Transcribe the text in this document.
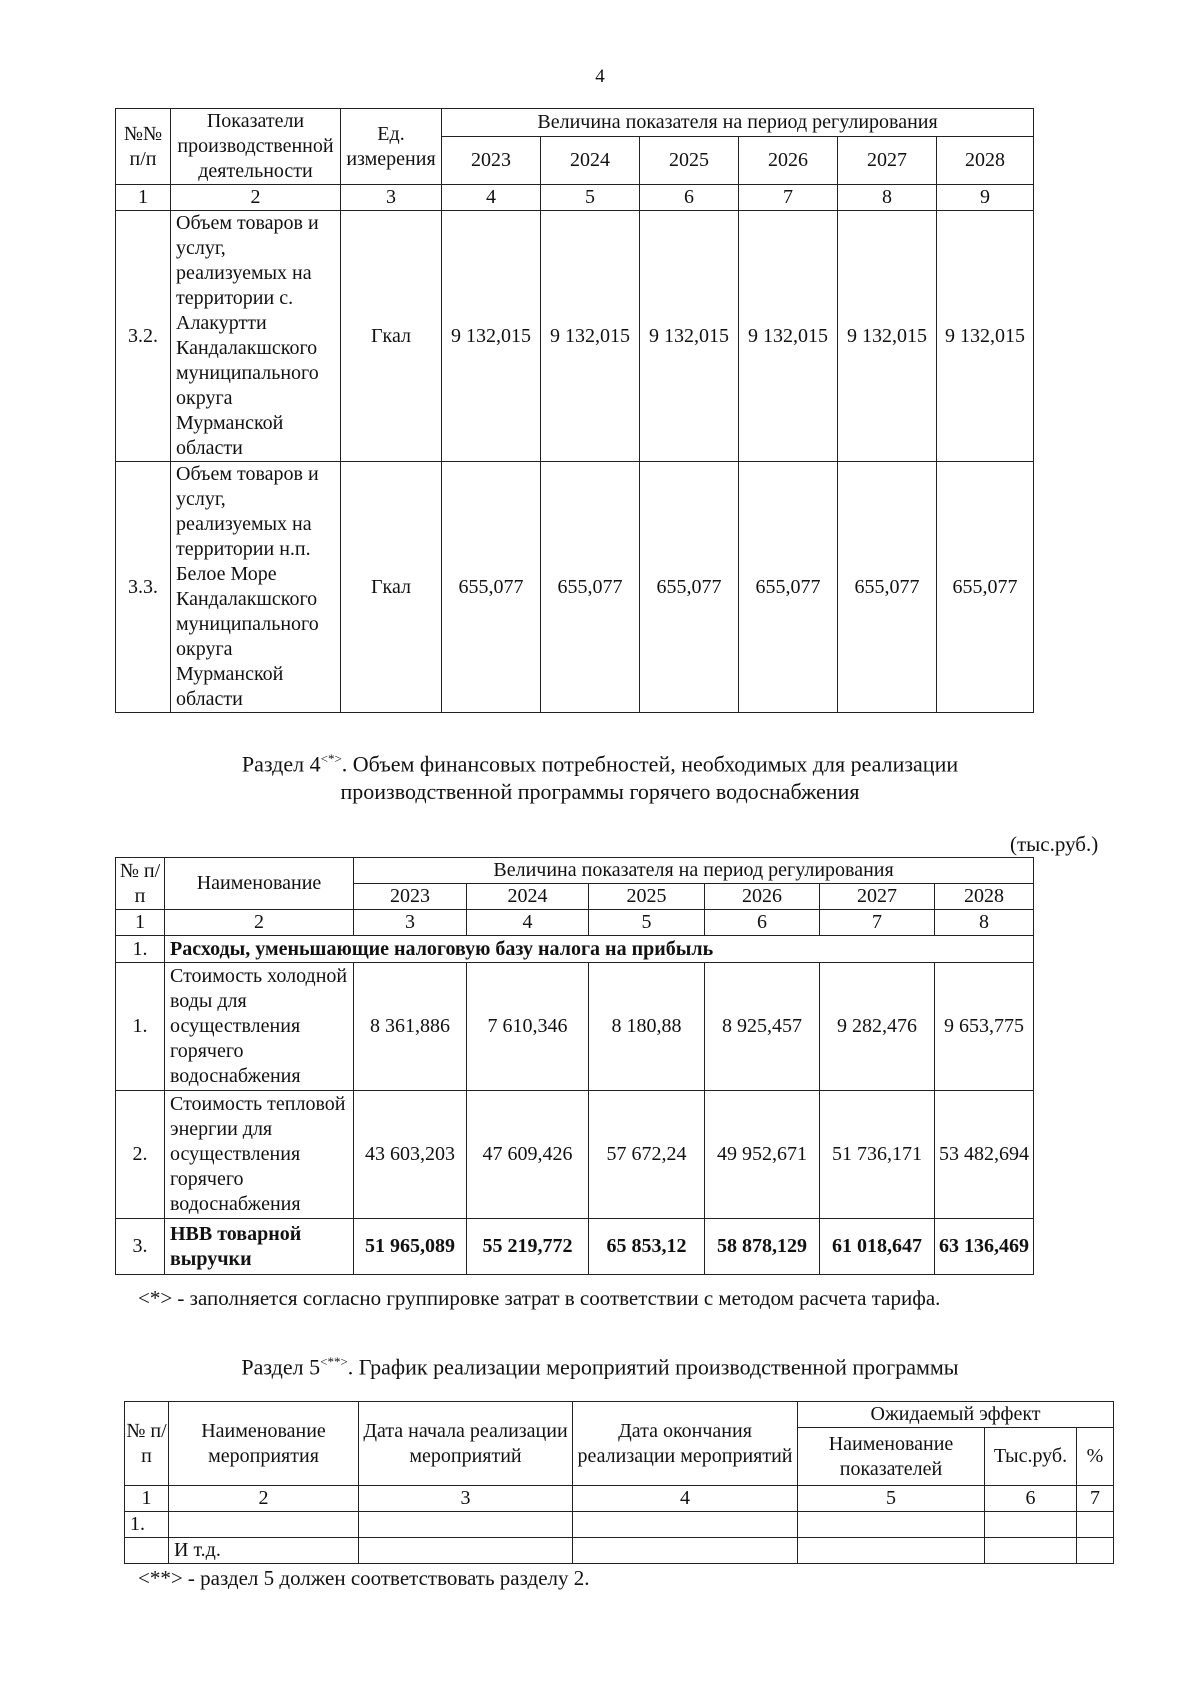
4
№№ п/п	Показатели производственной деятельности	Ед. измерения	Величина показателя на период регулирования					
			2023	2024	2025	2026	2027	2028
1	2	3	4	5	6	7	8	9
3.2.	Объем товаров и услуг, реализуемых на территории с. Алакуртти Кандалакшского муниципального округа Мурманской области	Гкал	9 132,015	9 132,015	9 132,015	9 132,015	9 132,015	9 132,015
3.3.	Объем товаров и услуг, реализуемых на территории н.п. Белое Море Кандалакшского муниципального округа Мурманской области	Гкал	655,077	655,077	655,077	655,077	655,077	655,077
Раздел 4<*>. Объем финансовых потребностей, необходимых для реализации
производственной программы горячего водоснабжения
(тыс.руб.)
№ п/п	Наименование	Величина показателя на период регулирования					
		2023	2024	2025	2026	2027	2028
1	2	3	4	5	6	7	8
1.	Расходы, уменьшающие налоговую базу налога на прибыль						
1.	Стоимость холодной воды для осуществления горячего водоснабжения	8 361,886	7 610,346	8 180,88	8 925,457	9 282,476	9 653,775
2.	Стоимость тепловой энергии для осуществления горячего водоснабжения	43 603,203	47 609,426	57 672,24	49 952,671	51 736,171	53 482,694
3.	НВВ товарной выручки	51 965,089	55 219,772	65 853,12	58 878,129	61 018,647	63 136,469
<*> - заполняется согласно группировке затрат в соответствии с методом расчета тарифа.
Раздел 5<**>. График реализации мероприятий производственной программы
№ п/п	Наименование мероприятия	Дата начала реализации мероприятий	Дата окончания реализации мероприятий	Ожидаемый эффект		
				Наименование показателей	Тыс.руб.	%
1	2	3	4	5	6	7
1.						
	И т.д.					
<**> - раздел 5 должен соответствовать разделу 2.
